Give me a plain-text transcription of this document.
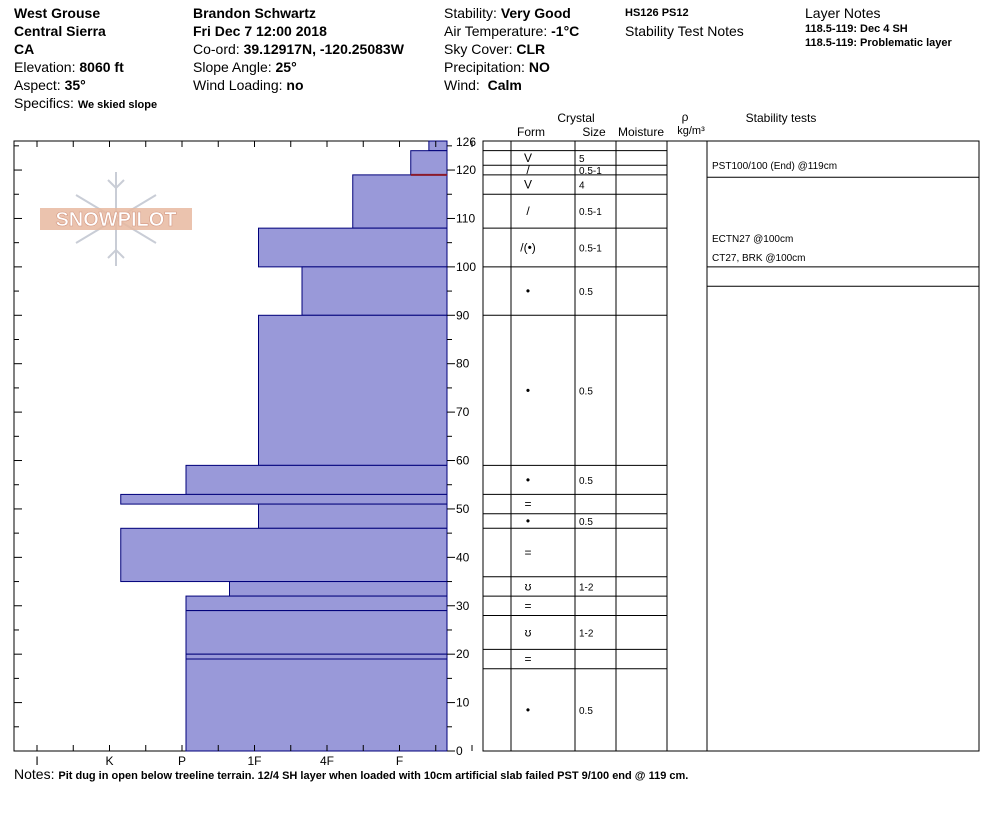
West Grouse
Central Sierra
CA
Elevation: 8060 ft
Aspect: 35°
Specifics: We skied slope
Brandon Schwartz
Fri Dec 7 12:00 2018
Co-ord: 39.12917N, -120.25083W
Slope Angle: 25°
Wind Loading: no
Stability: Very Good
Air Temperature: -1°C
Sky Cover: CLR
Precipitation: NO
Wind: Calm
HS126 PS12
Stability Test Notes
Layer Notes
118.5-119: Dec 4 SH
118.5-119: Problematic layer
SNOWPILOT
I	K	P	1F	4F	F
0
10
20
30
40
50
60
70
80
90
100
110
120
126
Crystal
Form	Size Moisture
ρ
kg/m³
Stability tests
V	5
/	0.5-1
V	4
/	0.5-1
/(•)	0.5-1
•	0.5
•	0.5
•	0.5
=
•	0.5
=
ʊ	1-2
=
ʊ	1-2
=
•	0.5
PST100/100 (End) @119cm
ECTN27 @100cm
CT27, BRK @100cm
Notes: Pit dug in open below treeline terrain. 12/4 SH layer when loaded with 10cm artificial slab failed PST 9/100 end @ 119 cm.
